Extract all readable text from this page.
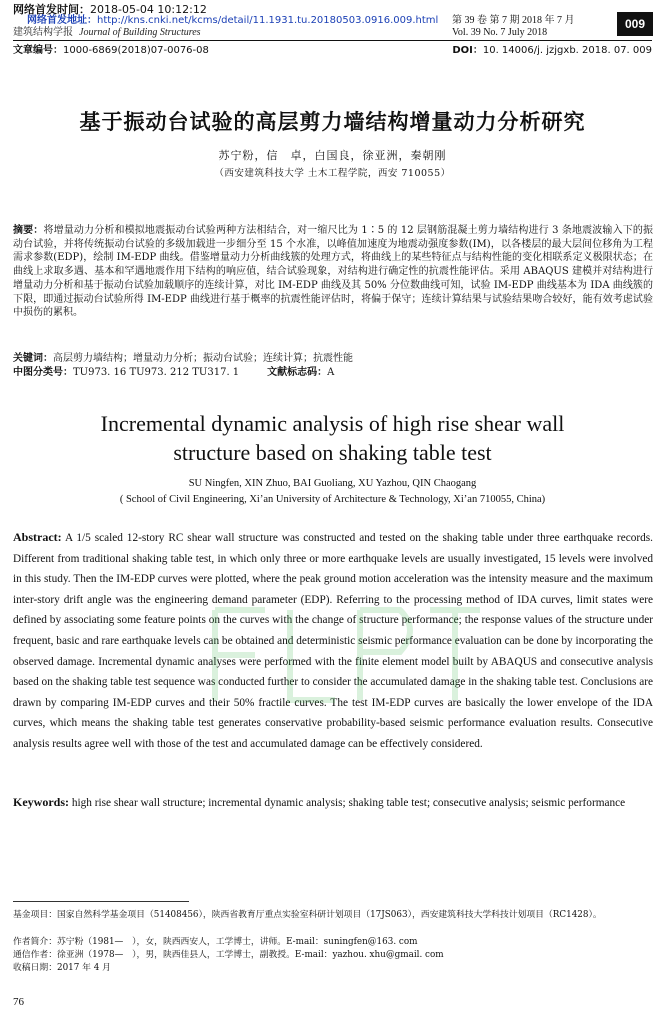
网络首发时间：2018-05-04 10:12:12
网络首发地址：http://kns.cnki.net/kcms/detail/11.1931.tu.20180503.0916.009.html
建筑结构学报 Journal of Building Structures
第 39 卷 第 7 期 2018 年 7 月
Vol. 39 No. 7 July 2018
009
文章编号：1000-6869(2018)07-0076-08	DOI：10. 14006/j. jzjgxb. 2018. 07. 009
基于振动台试验的高层剪力墙结构增量动力分析研究
苏宁粉，信　卓，白国良，徐亚洲，秦朝刚
（西安建筑科技大学 土木工程学院，西安 710055）
摘要：将增量动力分析和模拟地震振动台试验两种方法相结合，对一缩尺比为 1∶5 的 12 层钢筋混凝土剪力墙结构进行 3 条地震波输入下的振动台试验，并将传统振动台试验的多级加载进一步细分至 15 个水准，以峰值加速度为地震动强度参数(IM)，以各楼层的最大层间位移角为工程需求参数(EDP)，绘制 IM-EDP 曲线。借鉴增量动力分析曲线簇的处理方式，将曲线上的某些特征点与结构性能的变化相联系定义极限状态；在曲线上求取多遇、基本和罕遇地震作用下结构的响应值，结合试验现象，对结构进行确定性的抗震性能评估。采用 ABAQUS 建模并对结构进行增量动力分析和基于振动台试验加载顺序的连续计算，对比 IM-EDP 曲线及其 50% 分位数曲线可知，试验 IM-EDP 曲线基本为 IDA 曲线簇的下限，即通过振动台试验所得 IM-EDP 曲线进行基于概率的抗震性能评估时，将偏于保守；连续计算结果与试验结果吻合较好，能有效考虑试验中损伤的累积。
关键词：高层剪力墙结构；增量动力分析；振动台试验；连续计算；抗震性能
中图分类号：TU973. 16 TU973. 212 TU317. 1	文献标志码：A
Incremental dynamic analysis of high rise shear wall
structure based on shaking table test
SU Ningfen, XIN Zhuo, BAI Guoliang, XU Yazhou, QIN Chaogang
( School of Civil Engineering, Xi’an University of Architecture & Technology, Xi’an 710055, China)
Abstract: A 1/5 scaled 12-story RC shear wall structure was constructed and tested on the shaking table under three earthquake records. Different from traditional shaking table test, in which only three or more earthquake levels are usually investigated, 15 levels were involved in this study. Then the IM-EDP curves were plotted, where the peak ground motion acceleration was the intensity measure and the maximum inter-story drift angle was the engineering demand parameter (EDP). Referring to the processing method of IDA curves, limit states were defined by associating some feature points on the curves with the change of structure performance; the response values of the structure under frequent, basic and rare earthquake levels can be obtained and deterministic seismic performance evaluation can be done by incorporating the observed damage. Incremental dynamic analyses were performed with the finite element model built by ABAQUS and consecutive analysis based on the shaking table test sequence was conducted further to consider the accumulated damage in the shaking table test. Conclusions are drawn by comparing IM-EDP curves and their 50% fractile curves. The test IM-EDP curves are basically the lower envelope of the IDA curves, which means the shaking table test generates conservative probability-based seismic performance evaluation results. Consecutive analysis results agree well with those of the test and accumulated damage can be effectively considered.
Keywords: high rise shear wall structure; incremental dynamic analysis; shaking table test; consecutive analysis; seismic performance
基金项目：国家自然科学基金项目（51408456），陕西省教育厅重点实验室科研计划项目（17JS063），西安建筑科技大学科技计划项目（RC1428）。
作者简介：苏宁粉（1981—　），女，陕西西安人，工学博士，讲师。E-mail：suningfen@163. com
通信作者：徐亚洲（1978—　），男，陕西佳县人，工学博士，副教授。E-mail：yazhou. xhu@gmail. com
收稿日期：2017 年 4 月
76
